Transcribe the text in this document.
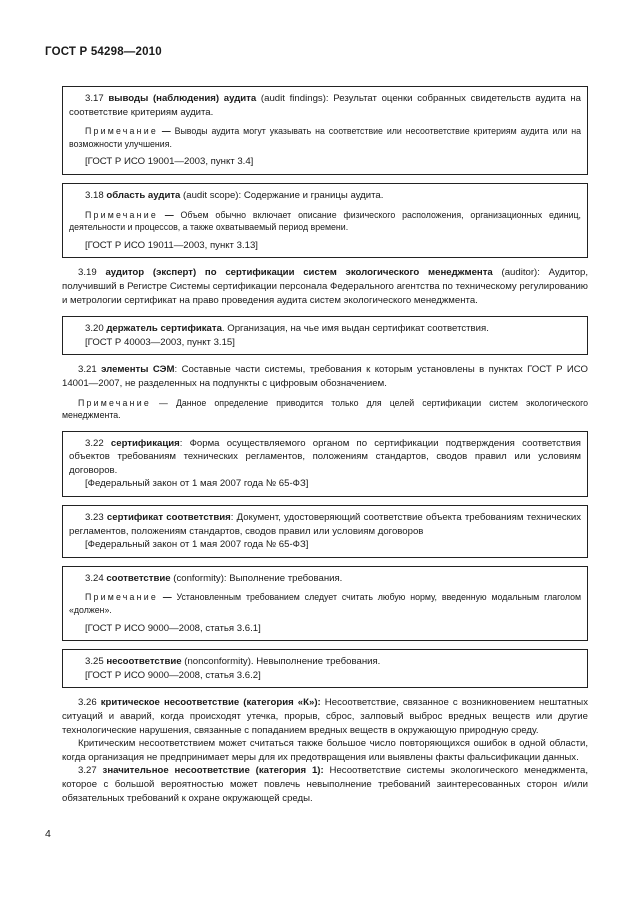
ГОСТ Р 54298—2010

3.17 выводы (наблюдения) аудита (audit findings): Результат оценки собранных свидетельств аудита на соответствие критериям аудита.

Примечание — Выводы аудита могут указывать на соответствие или несоответствие критериям аудита или на возможности улучшения.

[ГОСТ Р ИСО 19001—2003, пункт 3.4]

3.18 область аудита (audit scope): Содержание и границы аудита.

Примечание — Объем обычно включает описание физического расположения, организационных единиц, деятельности и процессов, а также охватываемый период времени.

[ГОСТ Р ИСО 19011—2003, пункт 3.13]

3.19 аудитор (эксперт) по сертификации систем экологического менеджмента (auditor): Аудитор, получивший в Регистре Системы сертификации персонала Федерального агентства по техническому регулированию и метрологии сертификат на право проведения аудита систем экологического менеджмента.

3.20 держатель сертификата. Организация, на чье имя выдан сертификат соответствия.

[ГОСТ Р 40003—2003, пункт 3.15]

3.21 элементы СЭМ: Составные части системы, требования к которым установлены в пунктах ГОСТ Р ИСО 14001—2007, не разделенных на подпункты с цифровым обозначением.

Примечание — Данное определение приводится только для целей сертификации систем экологического менеджмента.

3.22 сертификация: Форма осуществляемого органом по сертификации подтверждения соответствия объектов требованиям технических регламентов, положениям стандартов, сводов правил или условиям договоров.

[Федеральный закон от 1 мая 2007 года № 65-ФЗ]

3.23 сертификат соответствия: Документ, удостоверяющий соответствие объекта требованиям технических регламентов, положениям стандартов, сводов правил или условиям договоров

[Федеральный закон от 1 мая 2007 года № 65-ФЗ]

3.24 соответствие (conformity): Выполнение требования.

Примечание — Установленным требованием следует считать любую норму, введенную модальным глаголом «должен».

[ГОСТ Р ИСО 9000—2008, статья 3.6.1]

3.25 несоответствие (nonconformity). Невыполнение требования.

[ГОСТ Р ИСО 9000—2008, статья 3.6.2]

3.26 критическое несоответствие (категория «К»): Несоответствие, связанное с возникновением нештатных ситуаций и аварий, когда происходят утечка, прорыв, сброс, залповый выброс вредных веществ или другие технологические нарушения, связанные с попаданием вредных веществ в окружающую природную среду.

Критическим несоответствием может считаться также большое число повторяющихся ошибок в одной области, когда организация не предпринимает меры для их предотвращения или выявлены факты фальсификации данных.

3.27 значительное несоответствие (категория 1): Несоответствие системы экологического менеджмента, которое с большой вероятностью может повлечь невыполнение требований заинтересованных сторон и/или обязательных требований к охране окружающей среды.

4
